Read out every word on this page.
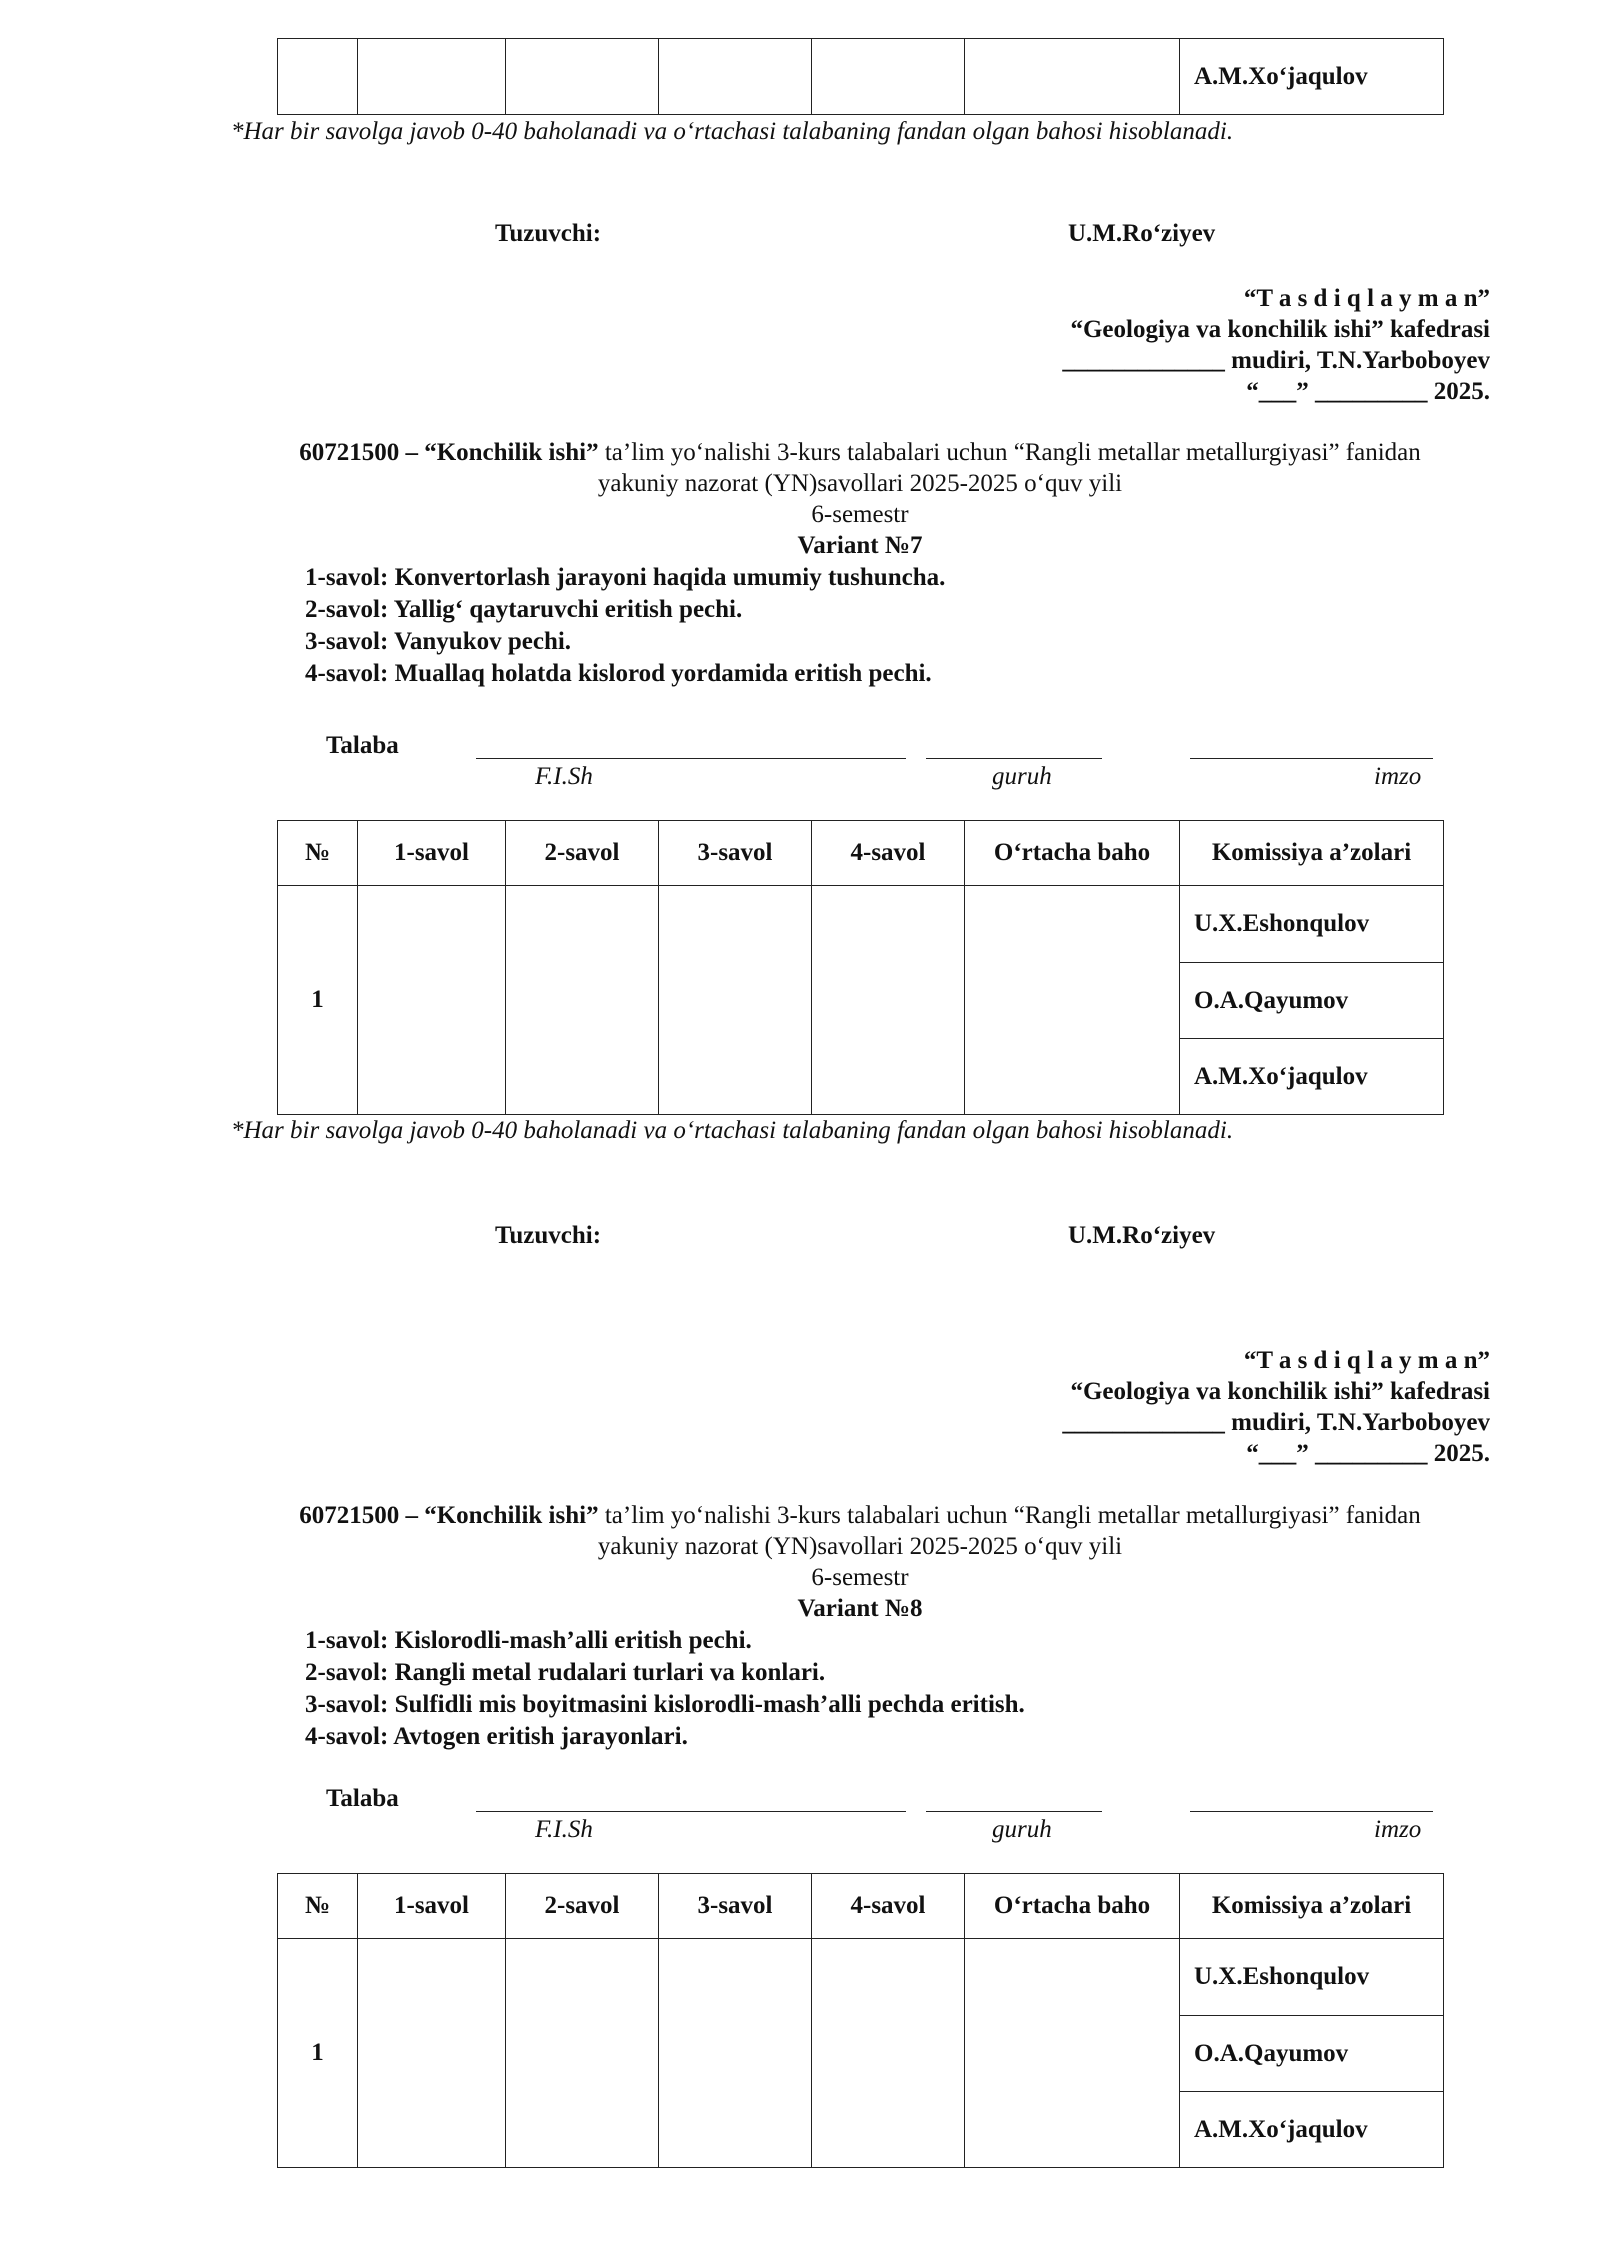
						A.M.Xo‘jaqulov
*Har bir savolga javob 0-40 baholanadi va o‘rtachasi talabaning fandan olgan bahosi hisoblanadi.
Tuzuvchi:	U.M.Ro‘ziyev
“T a s d i q l a y m a n”
“Geologiya va konchilik ishi” kafedrasi
_____________ mudiri, T.N.Yarboboyev
“___” _________ 2025.
60721500 – “Konchilik ishi” ta’lim yo‘nalishi 3-kurs talabalari uchun “Rangli metallar metallurgiyasi” fanidan
yakuniy nazorat (YN)savollari 2025-2025 o‘quv yili
6-semestr
Variant №7
1-savol: Konvertorlash jarayoni haqida umumiy tushuncha.
2-savol: Yallig‘ qaytaruvchi eritish pechi.
3-savol: Vanyukov pechi.
4-savol: Muallaq holatda kislorod yordamida eritish pechi.
Talaba
F.I.Sh	guruh	imzo
№	1-savol	2-savol	3-savol	4-savol	O‘rtacha baho	Komissiya a’zolari
1						U.X.Eshonqulov
						O.A.Qayumov
						A.M.Xo‘jaqulov
*Har bir savolga javob 0-40 baholanadi va o‘rtachasi talabaning fandan olgan bahosi hisoblanadi.
Tuzuvchi:	U.M.Ro‘ziyev
“T a s d i q l a y m a n”
“Geologiya va konchilik ishi” kafedrasi
_____________ mudiri, T.N.Yarboboyev
“___” _________ 2025.
60721500 – “Konchilik ishi” ta’lim yo‘nalishi 3-kurs talabalari uchun “Rangli metallar metallurgiyasi” fanidan
yakuniy nazorat (YN)savollari 2025-2025 o‘quv yili
6-semestr
Variant №8
1-savol: Kislorodli-mash’alli eritish pechi.
2-savol: Rangli metal rudalari turlari va konlari.
3-savol: Sulfidli mis boyitmasini kislorodli-mash’alli pechda eritish.
4-savol: Avtogen eritish jarayonlari.
Talaba
F.I.Sh	guruh	imzo
№	1-savol	2-savol	3-savol	4-savol	O‘rtacha baho	Komissiya a’zolari
1						U.X.Eshonqulov
						O.A.Qayumov
						A.M.Xo‘jaqulov
